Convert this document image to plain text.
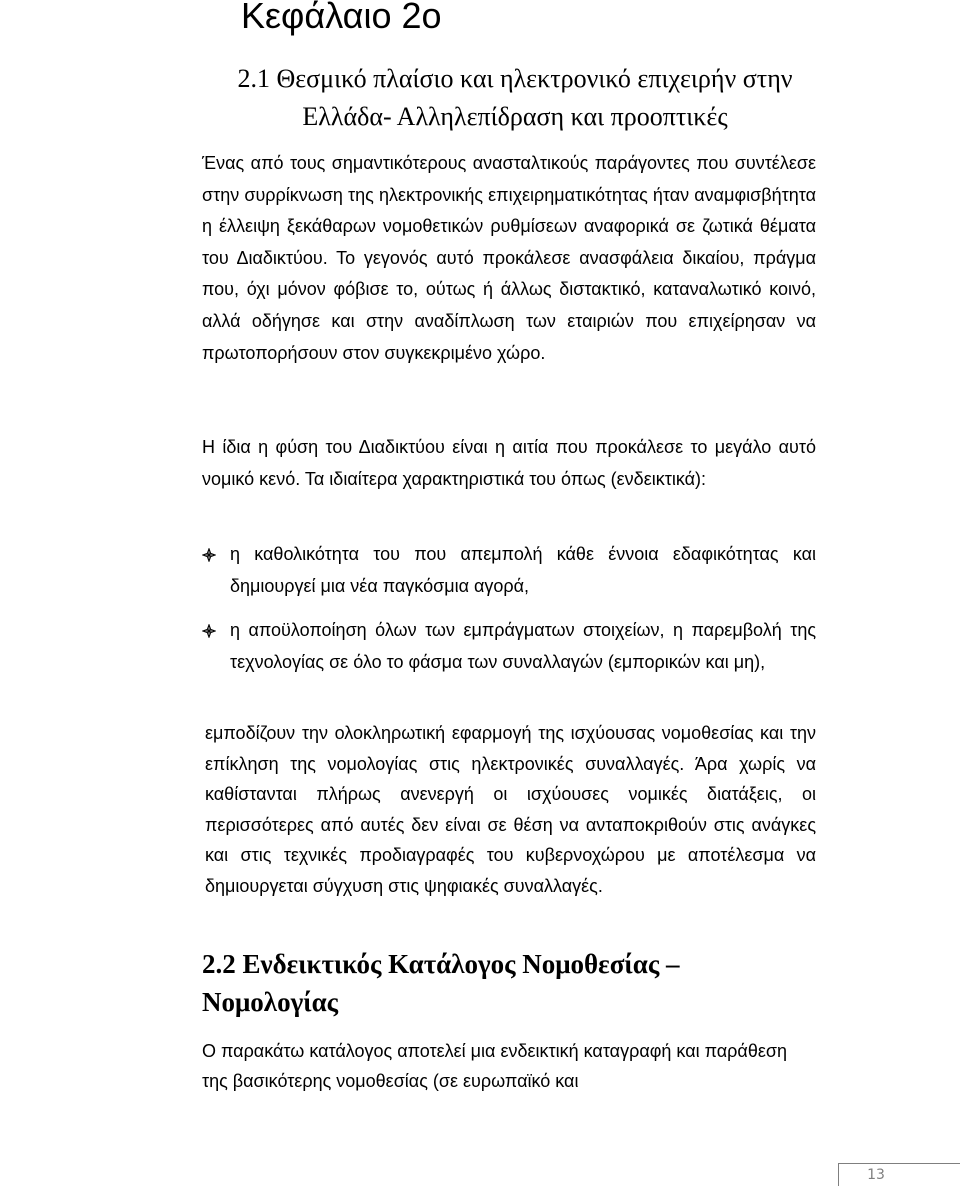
Κεφάλαιο 2ο
2.1 Θεσμικό πλαίσιο και ηλεκτρονικό επιχειρήν στην
Ελλάδα- Αλληλεπίδραση και προοπτικές

Ένας από τους σημαντικότερους ανασταλτικούς παράγοντες που συντέλεσε στην συρρίκνωση της ηλεκτρονικής επιχειρηματικότητας ήταν αναμφισβήτητα η έλλειψη ξεκάθαρων νομοθετικών ρυθμίσεων αναφορικά σε ζωτικά θέματα του Διαδικτύου. Το γεγονός αυτό προκάλεσε ανασφάλεια δικαίου, πράγμα που, όχι μόνον φόβισε το, ούτως ή άλλως διστακτικό, καταναλωτικό κοινό, αλλά οδήγησε και στην αναδίπλωση των εταιριών που επιχείρησαν να πρωτοπορήσουν στον συγκεκριμένο χώρο.

Η ίδια η φύση του Διαδικτύου είναι η αιτία που προκάλεσε το μεγάλο αυτό νομικό κενό. Τα ιδιαίτερα χαρακτηριστικά του όπως (ενδεικτικά):

η καθολικότητα του που απεμπολή κάθε έννοια εδαφικότητας και δημιουργεί μια νέα παγκόσμια αγορά,
η αποϋλοποίηση όλων των εμπράγματων στοιχείων, η παρεμβολή της τεχνολογίας σε όλο το φάσμα των συναλλαγών (εμπορικών και μη),

εμποδίζουν την ολοκληρωτική εφαρμογή της ισχύουσας νομοθεσίας και την επίκληση της νομολογίας στις ηλεκτρονικές συναλλαγές. Άρα χωρίς να καθίστανται πλήρως ανενεργή οι ισχύουσες νομικές διατάξεις, οι περισσότερες από αυτές δεν είναι σε θέση να ανταποκριθούν στις ανάγκες και στις τεχνικές προδιαγραφές του κυβερνοχώρου με αποτέλεσμα να δημιουργεται σύγχυση στις ψηφιακές συναλλαγές.

2.2 Ενδεικτικός Κατάλογος Νομοθεσίας –
Νομολογίας

Ο παρακάτω κατάλογος αποτελεί μια ενδεικτική καταγραφή και παράθεση της βασικότερης νομοθεσίας (σε ευρωπαϊκό και

13
